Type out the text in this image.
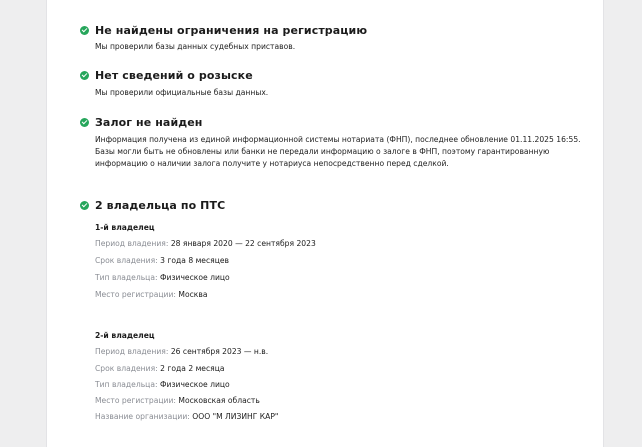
Не найдены ограничения на регистрацию
Мы проверили базы данных судебных приставов.
Нет сведений о розыске
Мы проверили официальные базы данных.
Залог не найден
Информация получена из единой информационной системы нотариата (ФНП), последнее обновление 01.11.2025 16:55. Базы могли быть не обновлены или банки не передали информацию о залоге в ФНП, поэтому гарантированную информацию о наличии залога получите у нотариуса непосредственно перед сделкой.
2 владельца по ПТС
1-й владелец
Период владения: 28 января 2020 — 22 сентября 2023
Срок владения: 3 года 8 месяцев
Тип владельца: Физическое лицо
Место регистрации: Москва
2-й владелец
Период владения: 26 сентября 2023 — н.в.
Срок владения: 2 года 2 месяца
Тип владельца: Физическое лицо
Место регистрации: Московская область
Название организации: ООО "М ЛИЗИНГ КАР"
